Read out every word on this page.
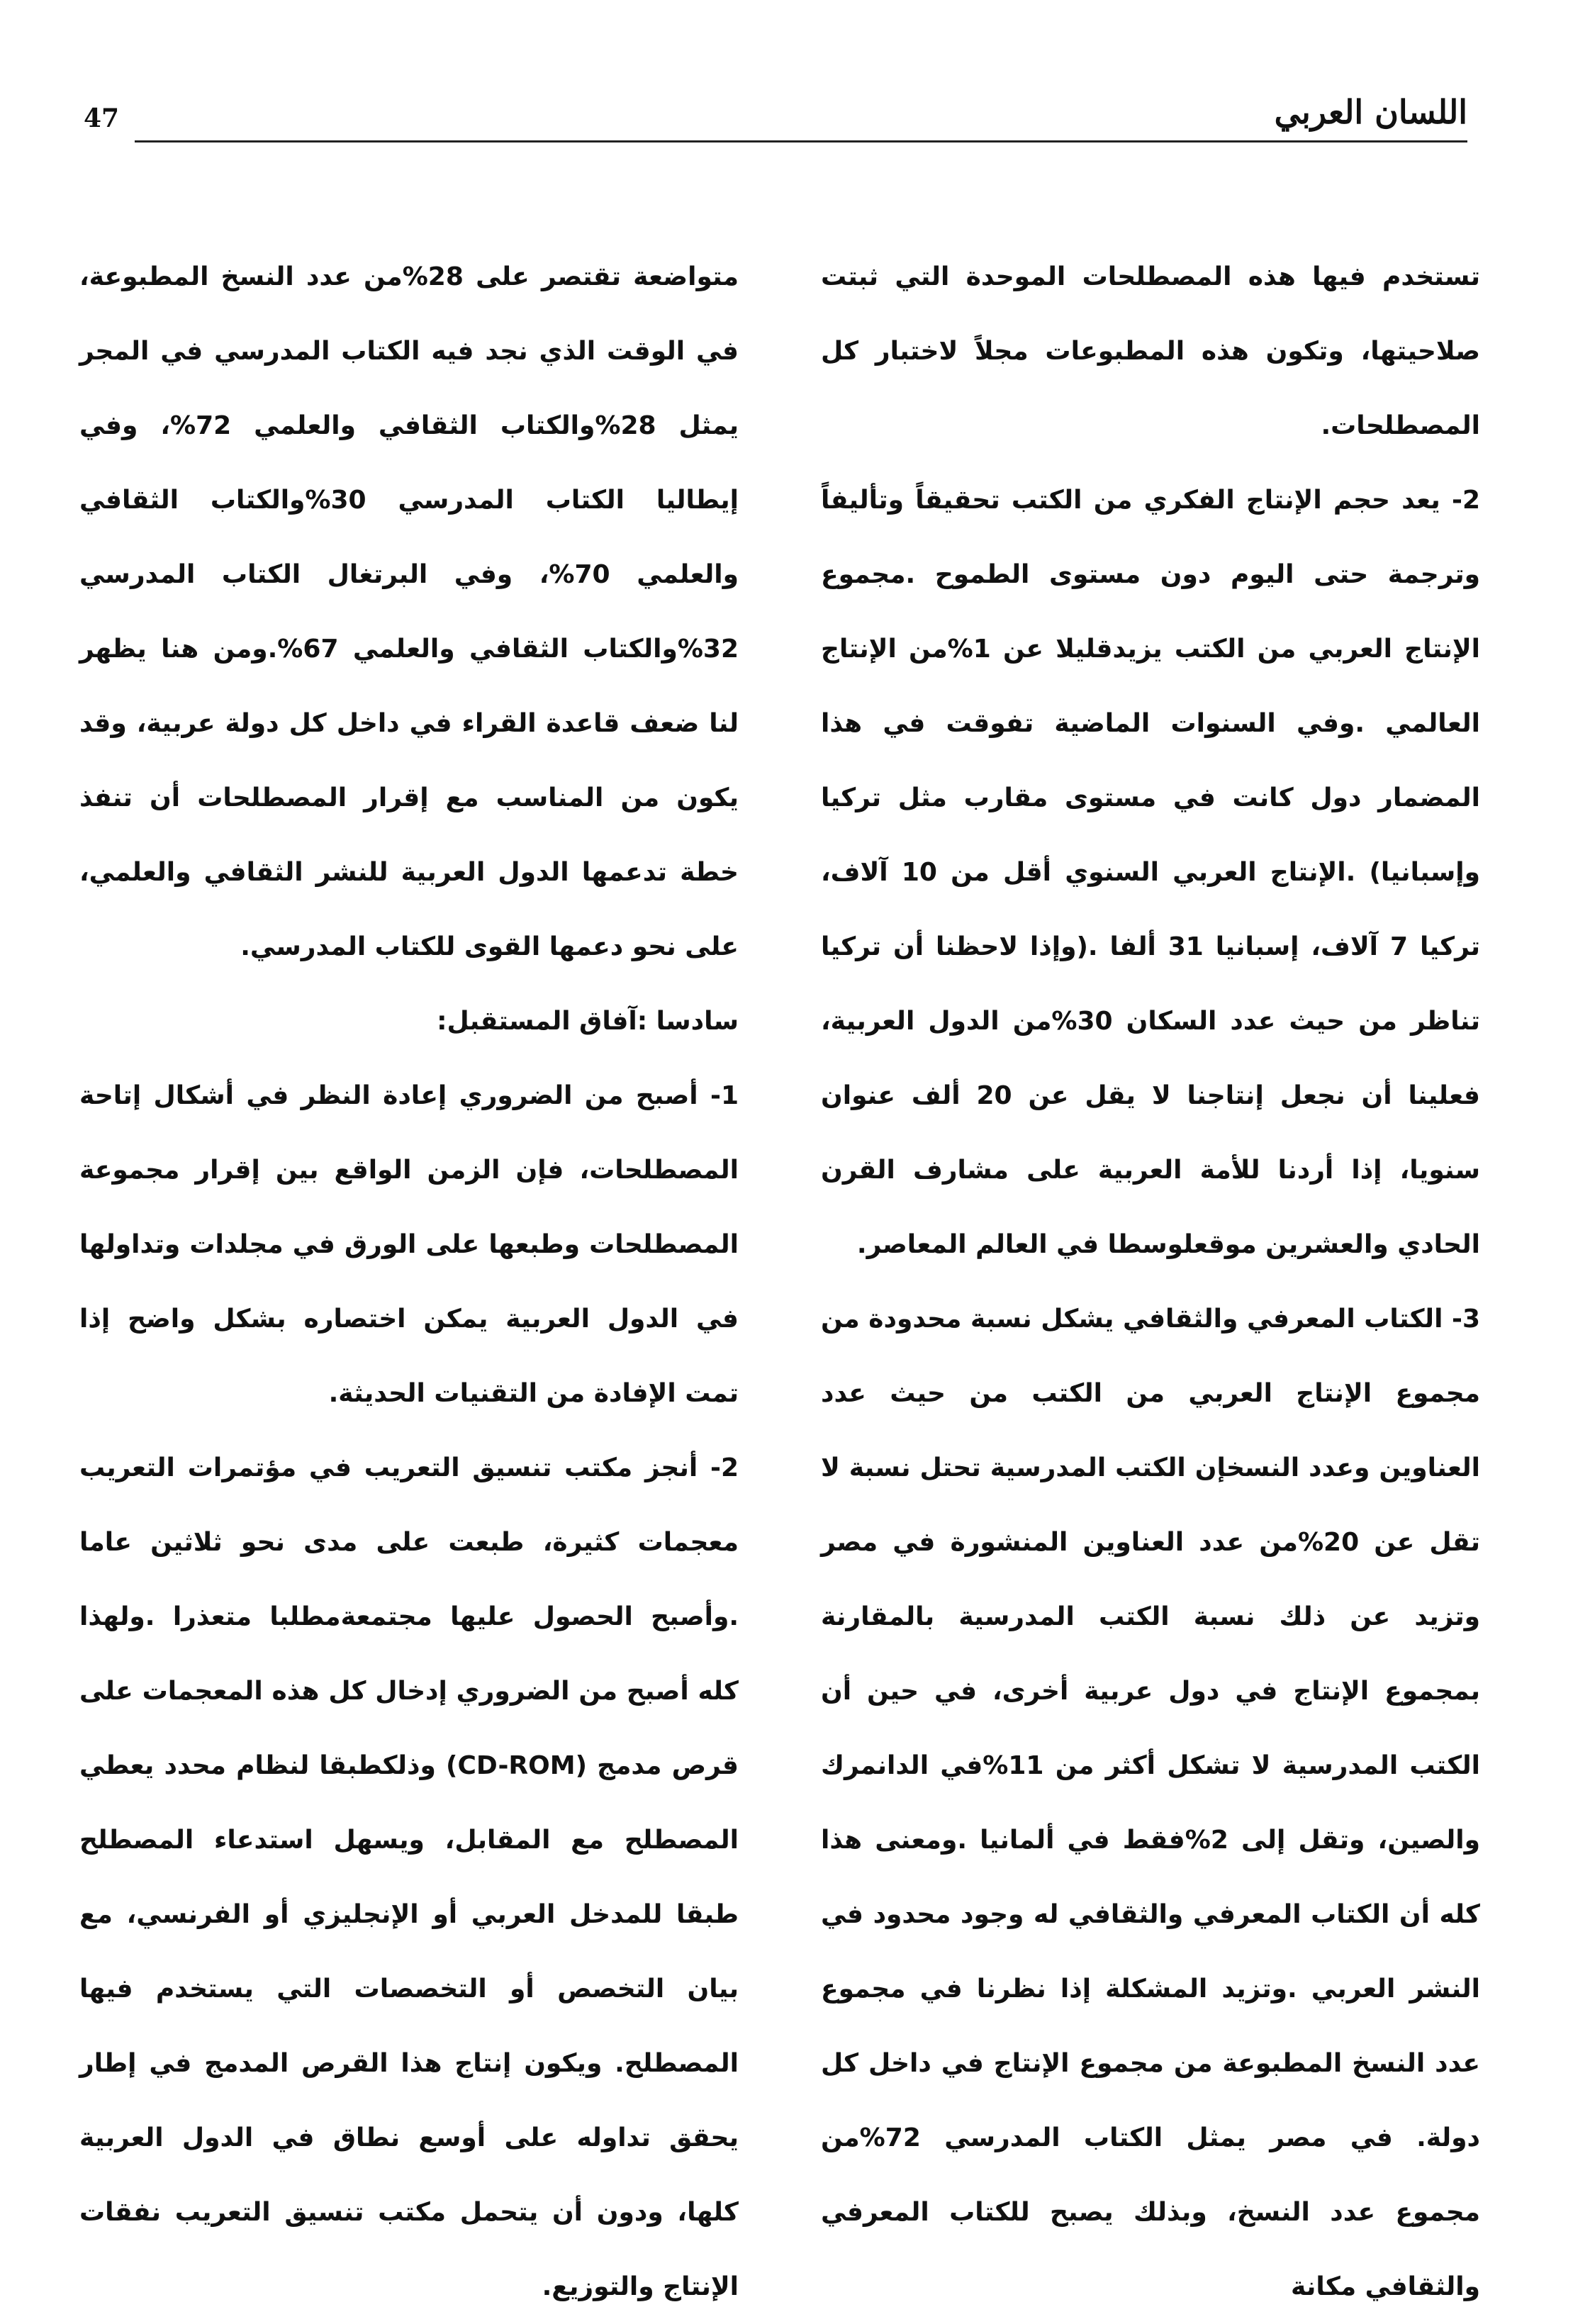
47	اللسان العربي

تستخدم فيها هذه المصطلحات الموحدة التي ثبتت صلاحيتها، وتكون هذه المطبوعات مجلاً لاختبار كل المصطلحات.

2- يعد حجم الإنتاج الفكري من الكتب تحقيقاً وتأليفاً وترجمة حتى اليوم دون مستوى الطموح .مجموع الإنتاج العربي من الكتب يزيدقليلا عن 1%من الإنتاج العالمي .وفي السنوات الماضية تفوقت في هذا المضمار دول كانت في مستوى مقارب مثل تركيا وإسبانيا) .الإنتاج العربي السنوي أقل من 10 آلاف، تركيا 7 آلاف، إسبانيا 31 ألفا .(وإذا لاحظنا أن تركيا تناظر من حيث عدد السكان 30%من الدول العربية، فعلينا أن نجعل إنتاجنا لا يقل عن 20 ألف عنوان سنويا، إذا أردنا للأمة العربية على مشارف القرن الحادي والعشرين موقعلوسطا في العالم المعاصر.

3- الكتاب المعرفي والثقافي يشكل نسبة محدودة من مجموع الإنتاج العربي من الكتب من حيث عدد العناوين وعدد النسخإن الكتب المدرسية تحتل نسبة لا تقل عن 20%من عدد العناوين المنشورة في مصر وتزيد عن ذلك نسبة الكتب المدرسية بالمقارنة بمجموع الإنتاج في دول عربية أخرى، في حين أن الكتب المدرسية لا تشكل أكثر من 11%في الدانمرك والصين، وتقل إلى 2%فقط في ألمانيا .ومعنى هذا كله أن الكتاب المعرفي والثقافي له وجود محدود في النشر العربي .وتزيد المشكلة إذا نظرنا في مجموع عدد النسخ المطبوعة من مجموع الإنتاج في داخل كل دولة. في مصر يمثل الكتاب المدرسي 72%من مجموع عدد النسخ، وبذلك يصبح للكتاب المعرفي والثقافي مكانة

متواضعة تقتصر على 28%من عدد النسخ المطبوعة، في الوقت الذي نجد فيه الكتاب المدرسي في المجر يمثل 28%والكتاب الثقافي والعلمي 72%، وفي إيطاليا الكتاب المدرسي 30%والكتاب الثقافي والعلمي 70%، وفي البرتغال الكتاب المدرسي 32%والكتاب الثقافي والعلمي 67%.ومن هنا يظهر لنا ضعف قاعدة القراء في داخل كل دولة عربية، وقد يكون من المناسب مع إقرار المصطلحات أن تنفذ خطة تدعمها الدول العربية للنشر الثقافي والعلمي، على نحو دعمها القوى للكتاب المدرسي.

سادسا :آفاق المستقبل:

1- أصبح من الضروري إعادة النظر في أشكال إتاحة المصطلحات، فإن الزمن الواقع بين إقرار مجموعة المصطلحات وطبعها على الورق في مجلدات وتداولها في الدول العربية يمكن اختصاره بشكل واضح إذا تمت الإفادة من التقنيات الحديثة.

2- أنجز مكتب تنسيق التعريب في مؤتمرات التعريب معجمات كثيرة، طبعت على مدى نحو ثلاثين عاما .وأصبح الحصول عليها مجتمعةمطلبا متعذرا .ولهذا كله أصبح من الضروري إدخال كل هذه المعجمات على قرص مدمج (CD-ROM) وذلكطبقا لنظام محدد يعطي المصطلح مع المقابل، ويسهل استدعاء المصطلح طبقا للمدخل العربي أو الإنجليزي أو الفرنسي، مع بيان التخصص أو التخصصات التي يستخدم فيها المصطلح. ويكون إنتاج هذا القرص المدمج في إطار يحقق تداوله على أوسع نطاق في الدول العربية كلها، ودون أن يتحمل مكتب تنسيق التعريب نفقات الإنتاج والتوزيع.
